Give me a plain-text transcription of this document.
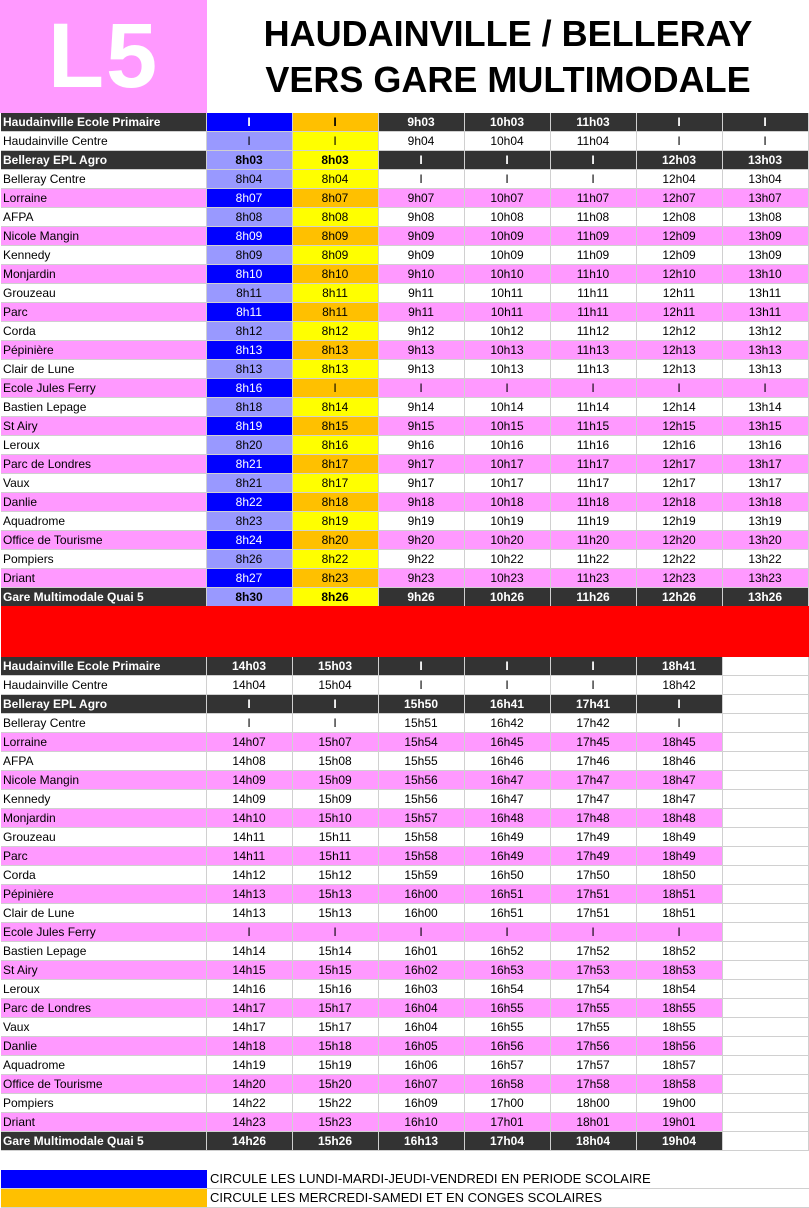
L5	HAUDAINVILLE / BELLERAY
VERS GARE MULTIMODALE
Haudainville Ecole Primaire	I	I	9h03	10h03	11h03	I	I
Haudainville Centre	I	I	9h04	10h04	11h04	I	I
Belleray EPL Agro	8h03	8h03	I	I	I	12h03	13h03
Belleray Centre	8h04	8h04	I	I	I	12h04	13h04
Lorraine	8h07	8h07	9h07	10h07	11h07	12h07	13h07
AFPA	8h08	8h08	9h08	10h08	11h08	12h08	13h08
Nicole Mangin	8h09	8h09	9h09	10h09	11h09	12h09	13h09
Kennedy	8h09	8h09	9h09	10h09	11h09	12h09	13h09
Monjardin	8h10	8h10	9h10	10h10	11h10	12h10	13h10
Grouzeau	8h11	8h11	9h11	10h11	11h11	12h11	13h11
Parc	8h11	8h11	9h11	10h11	11h11	12h11	13h11
Corda	8h12	8h12	9h12	10h12	11h12	12h12	13h12
Pépinière	8h13	8h13	9h13	10h13	11h13	12h13	13h13
Clair de Lune	8h13	8h13	9h13	10h13	11h13	12h13	13h13
Ecole Jules Ferry	8h16	I	I	I	I	I	I
Bastien Lepage	8h18	8h14	9h14	10h14	11h14	12h14	13h14
St Airy	8h19	8h15	9h15	10h15	11h15	12h15	13h15
Leroux	8h20	8h16	9h16	10h16	11h16	12h16	13h16
Parc de Londres	8h21	8h17	9h17	10h17	11h17	12h17	13h17
Vaux	8h21	8h17	9h17	10h17	11h17	12h17	13h17
Danlie	8h22	8h18	9h18	10h18	11h18	12h18	13h18
Aquadrome	8h23	8h19	9h19	10h19	11h19	12h19	13h19
Office de Tourisme	8h24	8h20	9h20	10h20	11h20	12h20	13h20
Pompiers	8h26	8h22	9h22	10h22	11h22	12h22	13h22
Driant	8h27	8h23	9h23	10h23	11h23	12h23	13h23
Gare Multimodale Quai 5	8h30	8h26	9h26	10h26	11h26	12h26	13h26
Haudainville Ecole Primaire	14h03	15h03	I	I	I	18h41	
Haudainville Centre	14h04	15h04	I	I	I	18h42	
Belleray EPL Agro	I	I	15h50	16h41	17h41	I	
Belleray Centre	I	I	15h51	16h42	17h42	I	
Lorraine	14h07	15h07	15h54	16h45	17h45	18h45	
AFPA	14h08	15h08	15h55	16h46	17h46	18h46	
Nicole Mangin	14h09	15h09	15h56	16h47	17h47	18h47	
Kennedy	14h09	15h09	15h56	16h47	17h47	18h47	
Monjardin	14h10	15h10	15h57	16h48	17h48	18h48	
Grouzeau	14h11	15h11	15h58	16h49	17h49	18h49	
Parc	14h11	15h11	15h58	16h49	17h49	18h49	
Corda	14h12	15h12	15h59	16h50	17h50	18h50	
Pépinière	14h13	15h13	16h00	16h51	17h51	18h51	
Clair de Lune	14h13	15h13	16h00	16h51	17h51	18h51	
Ecole Jules Ferry	I	I	I	I	I	I	
Bastien Lepage	14h14	15h14	16h01	16h52	17h52	18h52	
St Airy	14h15	15h15	16h02	16h53	17h53	18h53	
Leroux	14h16	15h16	16h03	16h54	17h54	18h54	
Parc de Londres	14h17	15h17	16h04	16h55	17h55	18h55	
Vaux	14h17	15h17	16h04	16h55	17h55	18h55	
Danlie	14h18	15h18	16h05	16h56	17h56	18h56	
Aquadrome	14h19	15h19	16h06	16h57	17h57	18h57	
Office de Tourisme	14h20	15h20	16h07	16h58	17h58	18h58	
Pompiers	14h22	15h22	16h09	17h00	18h00	19h00	
Driant	14h23	15h23	16h10	17h01	18h01	19h01	
Gare Multimodale Quai 5	14h26	15h26	16h13	17h04	18h04	19h04	
CIRCULE LES LUNDI-MARDI-JEUDI-VENDREDI EN PERIODE SCOLAIRE
CIRCULE LES MERCREDI-SAMEDI ET EN CONGES SCOLAIRES
